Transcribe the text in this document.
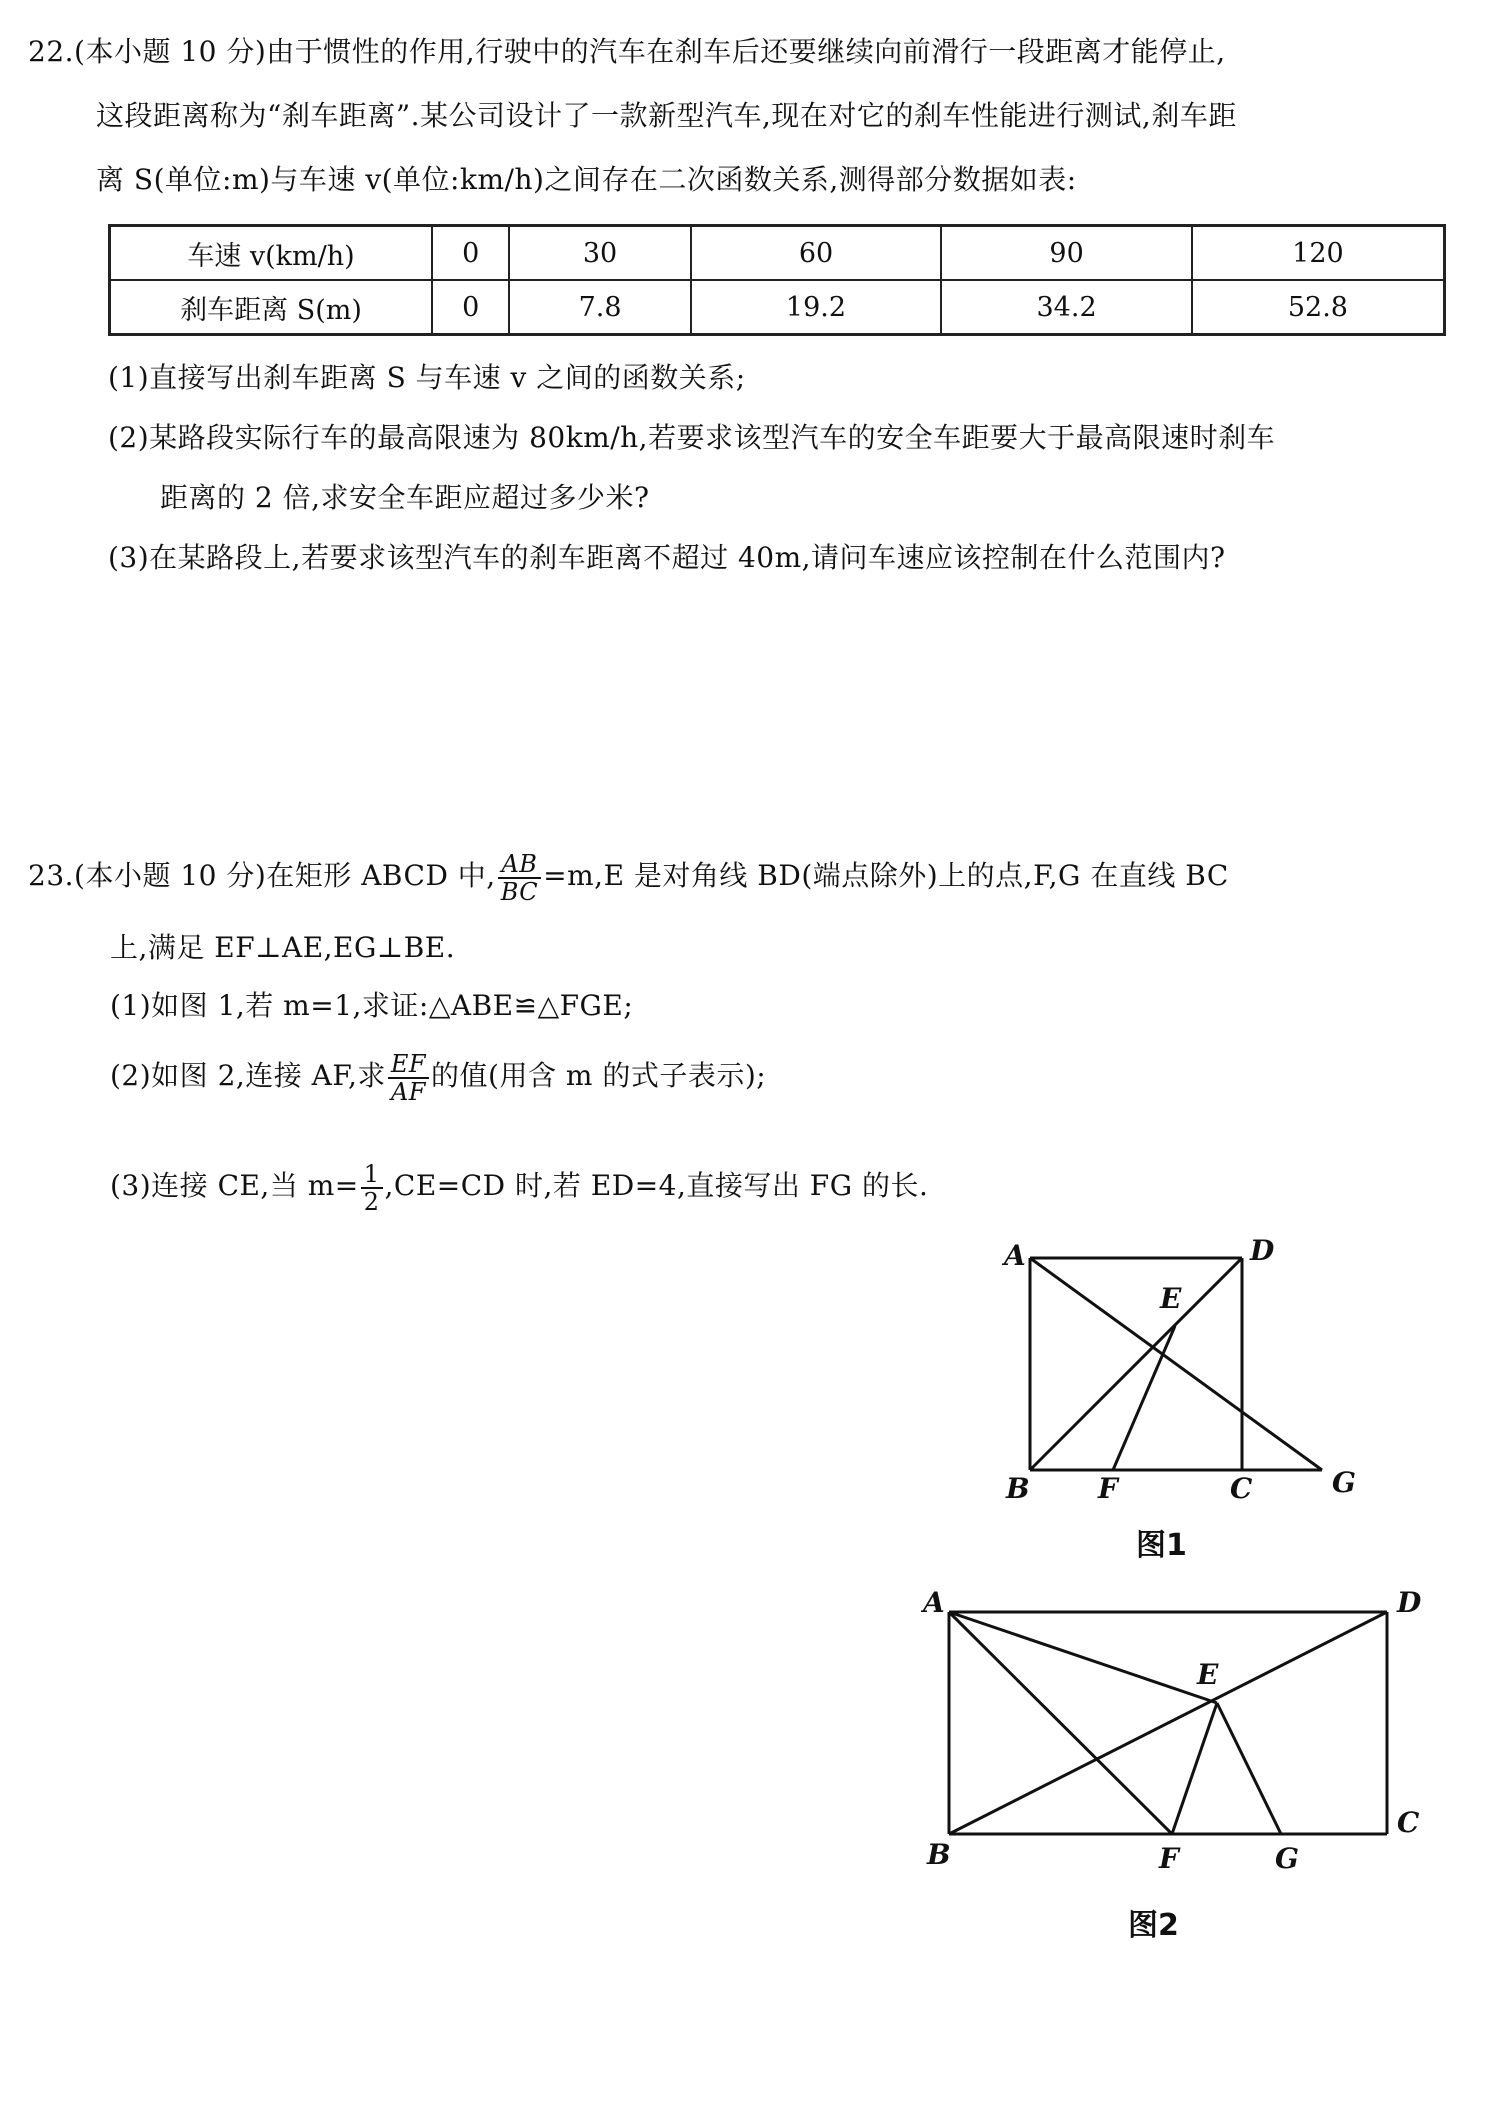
22.(本小题 10 分)由于惯性的作用,行驶中的汽车在刹车后还要继续向前滑行一段距离才能停止,
这段距离称为“刹车距离”.某公司设计了一款新型汽车,现在对它的刹车性能进行测试,刹车距
离 S(单位:m)与车速 v(单位:km/h)之间存在二次函数关系,测得部分数据如表:
车速 v(km/h)	0	30	60	90	120
刹车距离 S(m)	0	7.8	19.2	34.2	52.8
(1)直接写出刹车距离 S 与车速 v 之间的函数关系;
(2)某路段实际行车的最高限速为 80km/h,若要求该型汽车的安全车距要大于最高限速时刹车
距离的 2 倍,求安全车距应超过多少米?
(3)在某路段上,若要求该型汽车的刹车距离不超过 40m,请问车速应该控制在什么范围内?
23.(本小题 10 分)在矩形 ABCD 中, $\frac{AB}{BC} =m,E$ 是对角线 BD(端点除外)上的点,F,G 在直线 BC
上,满足 EF⊥AE,EG⊥BE.
(1)如图 1,若 m=1,求证:△ABE≌△FGE;
(2)如图 2,连接 AF,求 $\frac{EF}{AF}$ 的值(用含 m 的式子表示);
(3)连接 CE,当 $m= \frac{1}{2} ,CE=CD$ 时,若 ED=4,直接写出 FG 的长.
A	D
E
B F	C	G
图1
A	D
E
B	F	G
C
图2
